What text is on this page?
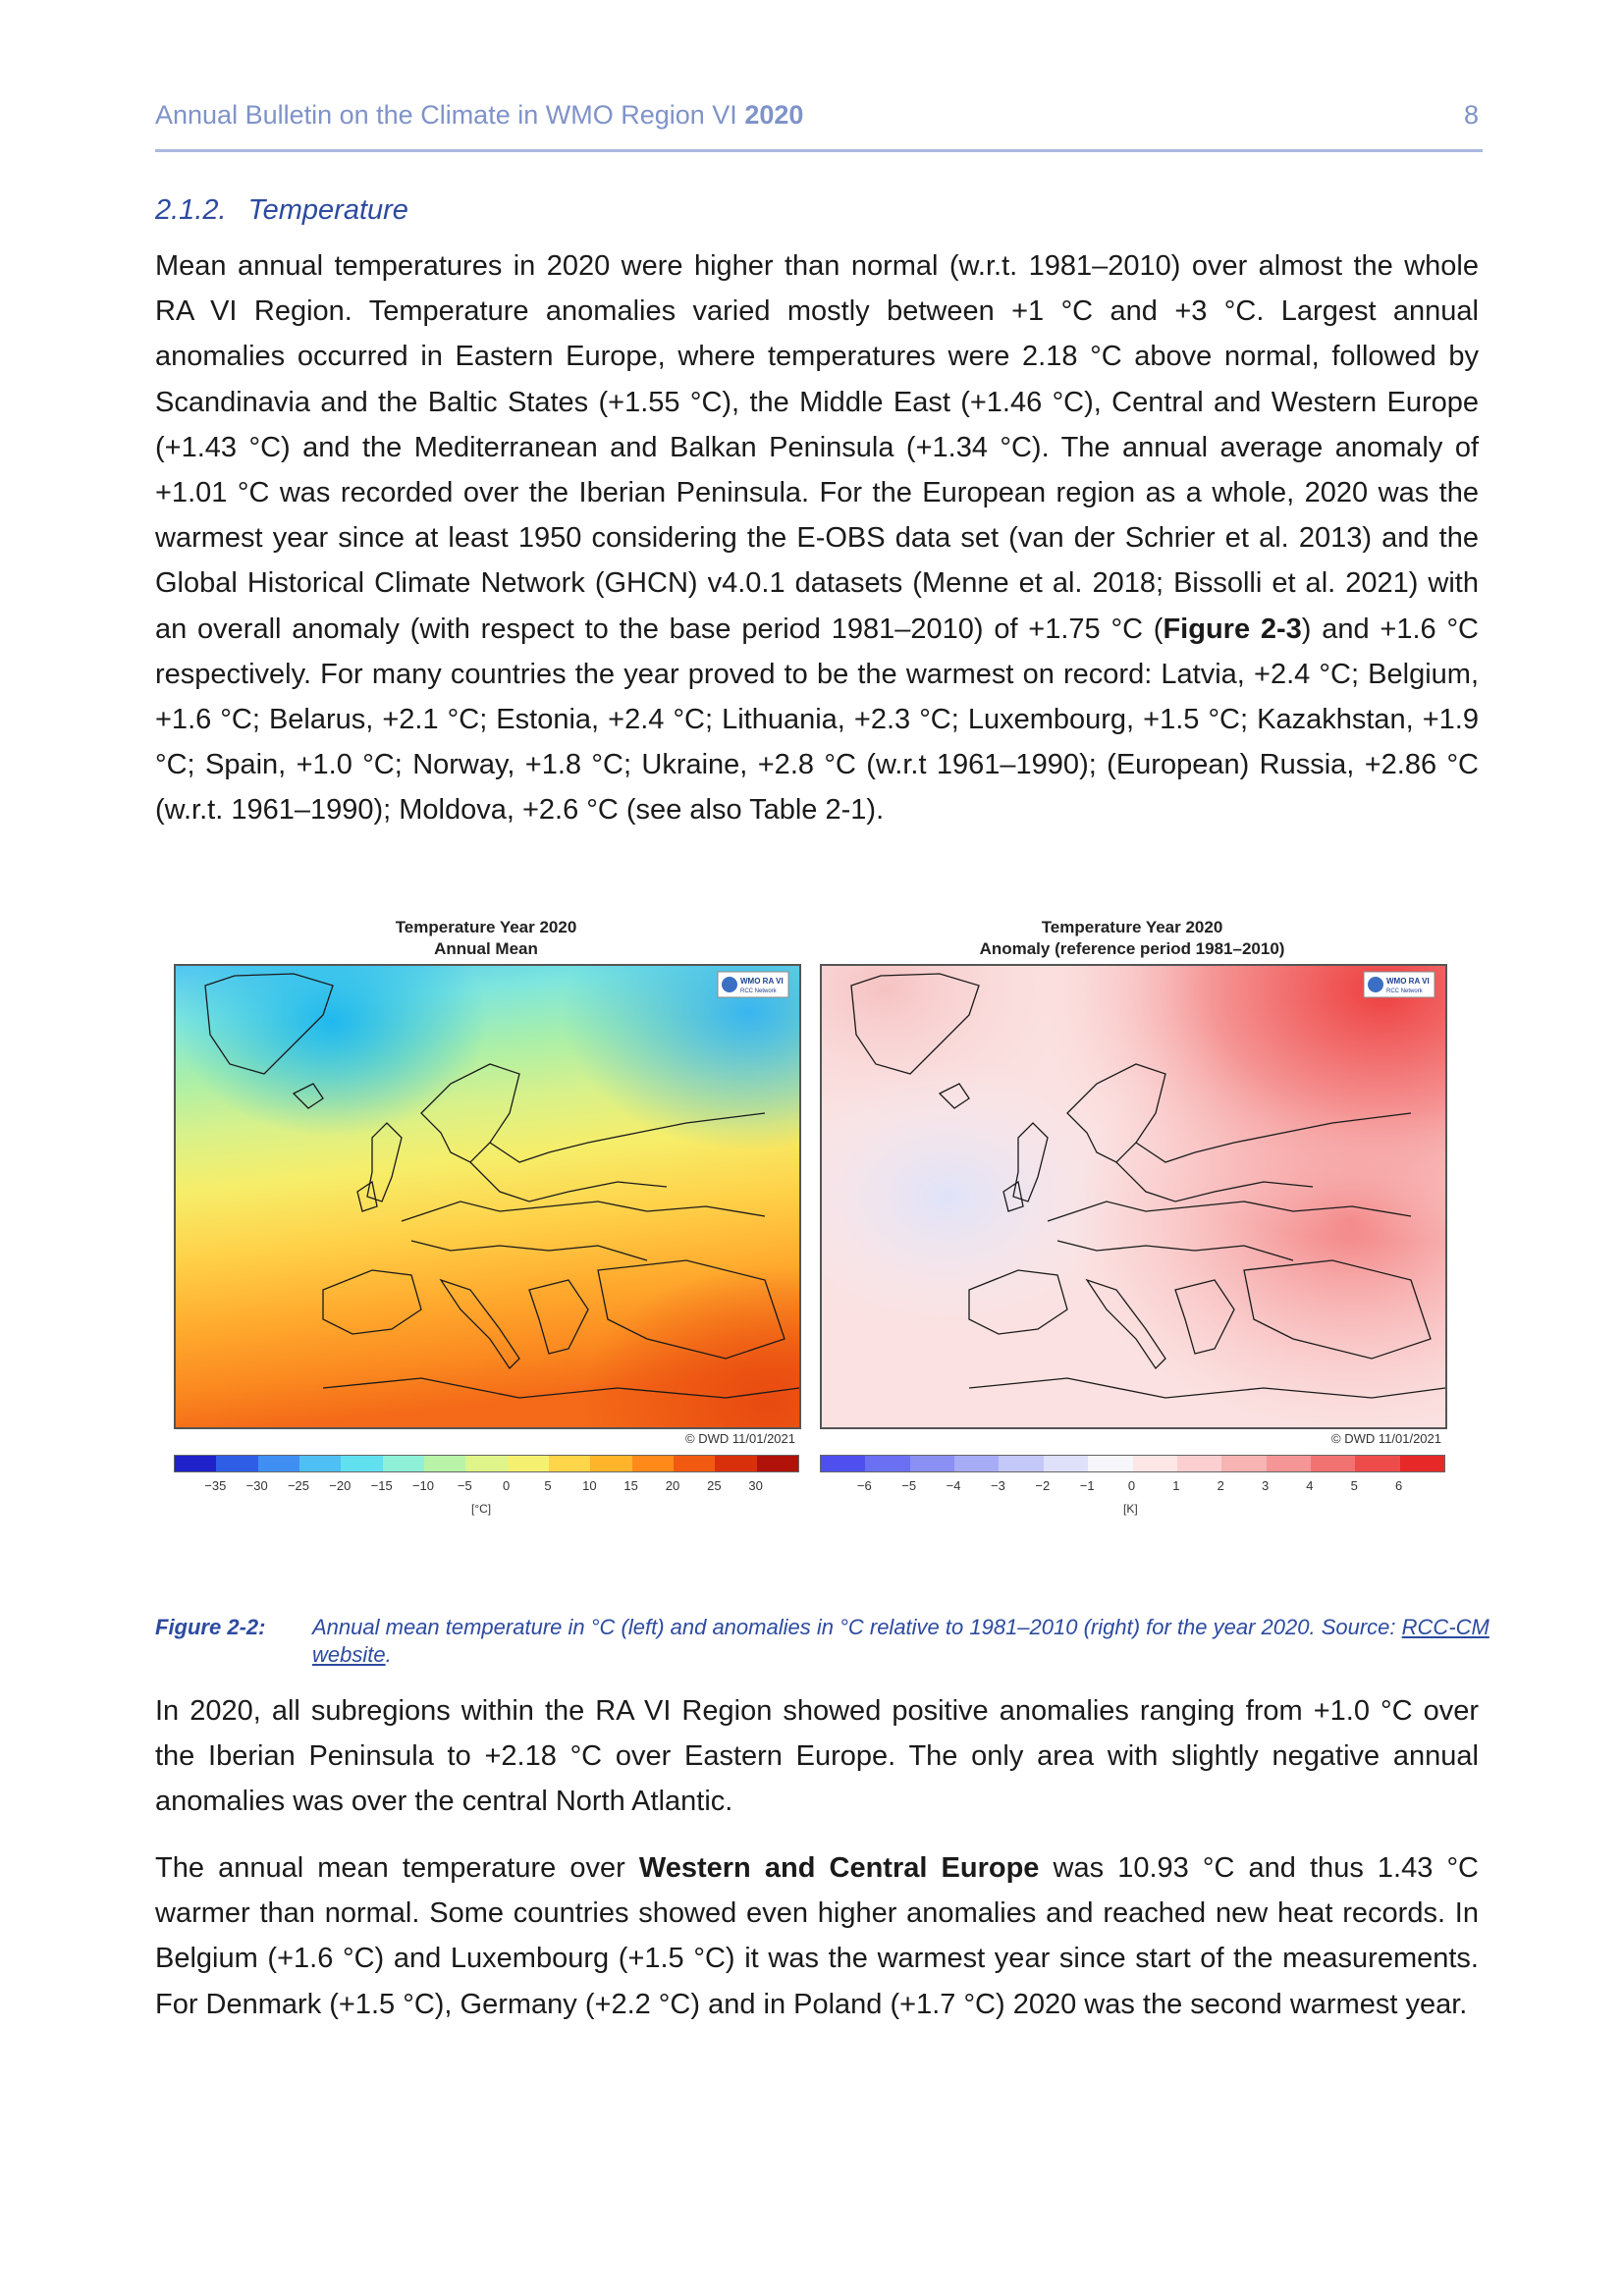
Annual Bulletin on the Climate in WMO Region VI 2020	8
2.1.2. Temperature
Mean annual temperatures in 2020 were higher than normal (w.r.t. 1981–2010) over almost the whole RA VI Region. Temperature anomalies varied mostly between +1 °C and +3 °C. Largest annual anomalies occurred in Eastern Europe, where temperatures were 2.18 °C above normal, followed by Scandinavia and the Baltic States (+1.55 °C), the Middle East (+1.46 °C), Central and Western Europe (+1.43 °C) and the Mediterranean and Balkan Peninsula (+1.34 °C). The annual average anomaly of +1.01 °C was recorded over the Iberian Peninsula. For the European region as a whole, 2020 was the warmest year since at least 1950 considering the E-OBS data set (van der Schrier et al. 2013) and the Global Historical Climate Network (GHCN) v4.0.1 datasets (Menne et al. 2018; Bissolli et al. 2021) with an overall anomaly (with respect to the base period 1981–2010) of +1.75 °C (Figure 2-3) and +1.6 °C respectively. For many countries the year proved to be the warmest on record: Latvia, +2.4 °C; Belgium, +1.6 °C; Belarus, +2.1 °C; Estonia, +2.4 °C; Lithuania, +2.3 °C; Luxembourg, +1.5 °C; Kazakhstan, +1.9 °C; Spain, +1.0 °C; Norway, +1.8 °C; Ukraine, +2.8 °C (w.r.t 1961–1990); (European) Russia, +2.86 °C (w.r.t. 1961–1990); Moldova, +2.6 °C (see also Table 2-1).
Temperature Year 2020
Annual Mean
WMO RA VI
RCC Network
© DWD 11/01/2021
−35 −30 −25 −20 −15 −10 −5 0	5 10 15 20 25 30
[°C]
Temperature Year 2020
Anomaly (reference period 1981–2010)
WMO RA VI
RCC Network
© DWD 11/01/2021
−6 −5 −4 −3 −2 −1	0	1	2	3	4	5	6
[K]
Figure 2-2: Annual mean temperature in °C (left) and anomalies in °C relative to 1981–2010 (right) for the year 2020. Source: RCC-CM website.
In 2020, all subregions within the RA VI Region showed positive anomalies ranging from +1.0 °C over the Iberian Peninsula to +2.18 °C over Eastern Europe. The only area with slightly negative annual anomalies was over the central North Atlantic.
The annual mean temperature over Western and Central Europe was 10.93 °C and thus 1.43 °C warmer than normal. Some countries showed even higher anomalies and reached new heat records. In Belgium (+1.6 °C) and Luxembourg (+1.5 °C) it was the warmest year since start of the measurements. For Denmark (+1.5 °C), Germany (+2.2 °C) and in Poland (+1.7 °C) 2020 was the second warmest year.
